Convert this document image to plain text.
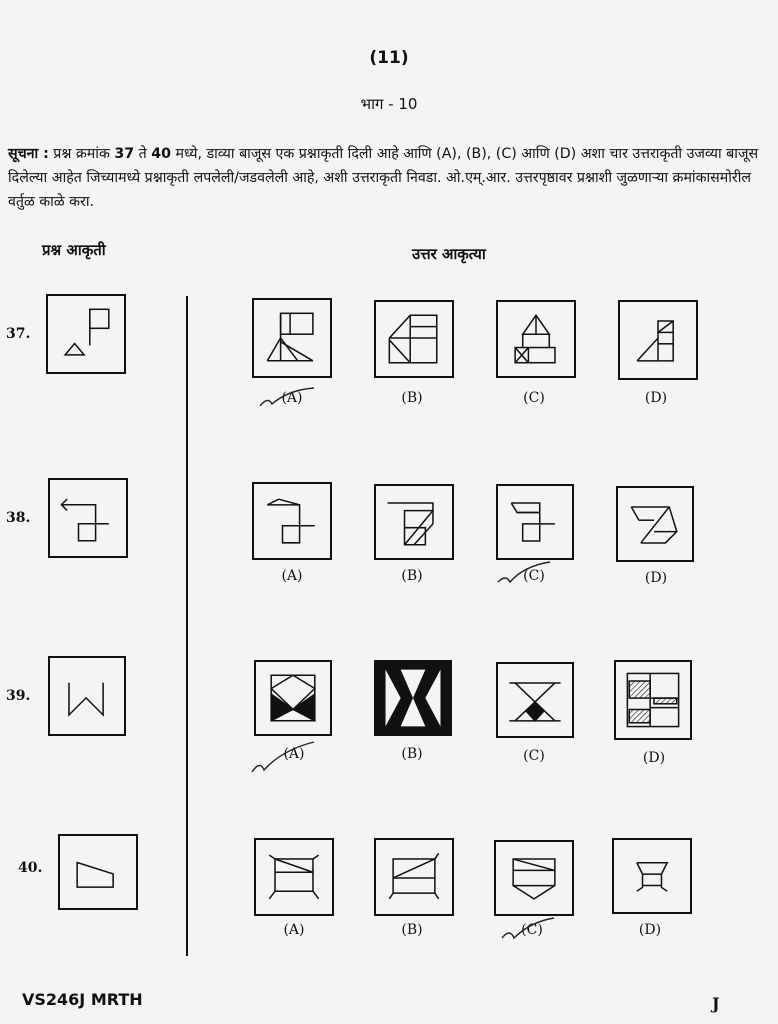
(11)
भाग - 10
सूचना : प्रश्न क्रमांक 37 ते 40 मध्ये, डाव्या बाजूस एक प्रश्नाकृती दिली आहे आणि (A), (B), (C) आणि (D) अशा चार उत्तराकृती उजव्या बाजूस दिलेल्या आहेत जिच्यामध्ये प्रश्नाकृती लपलेली/जडवलेली आहे, अशी उत्तराकृती निवडा. ओ.एम्.आर. उत्तरपृष्ठावर प्रश्नाशी जुळणाऱ्या क्रमांकासमोरील वर्तुळ काळे करा.
प्रश्न आकृती	उत्तर आकृत्या
37.
38.
39.
40.
(A)	(B)	(C)	(D)
(A)	(B)	(C)	(D)
(A)	(B)	(C)	(D)
(A)	(B)	(C)	(D)
VS246J MRTH	J
